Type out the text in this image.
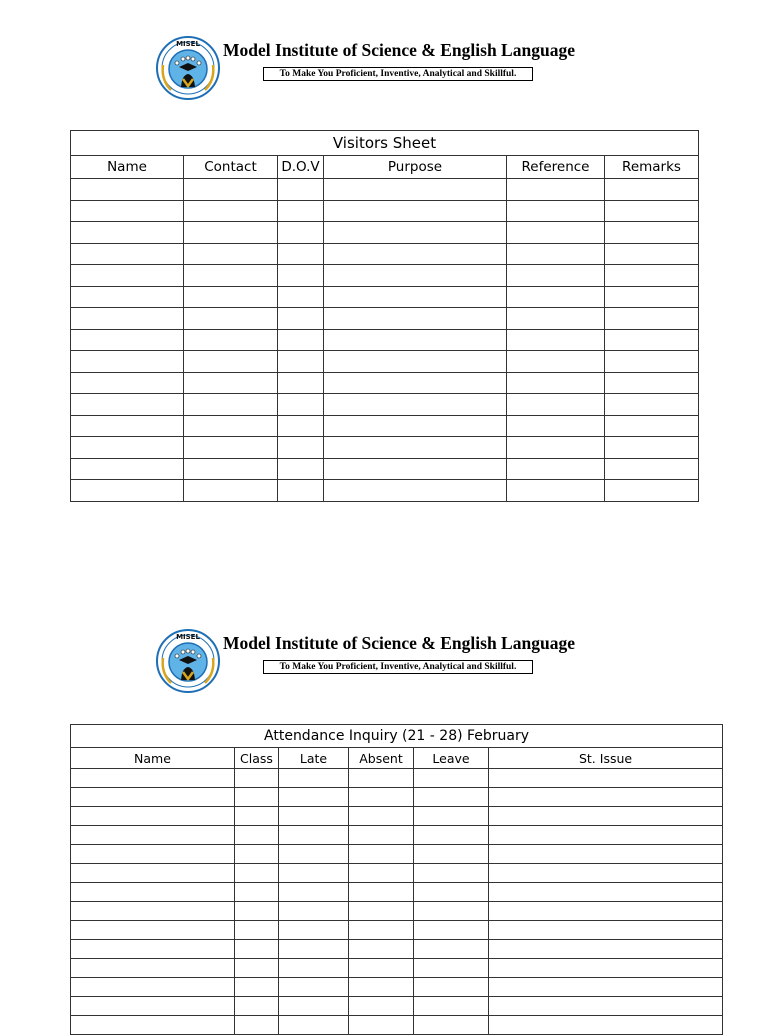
MISEL Model Institute of Science & English Language
To Make You Proficient, Inventive, Analytical and Skillful.
Visitors Sheet					
Name	Contact	D.O.V	Purpose	Reference	Remarks

MISEL Model Institute of Science & English Language
To Make You Proficient, Inventive, Analytical and Skillful.
Attendance Inquiry (21 - 28) February					
Name	Class	Late	Absent	Leave	St. Issue
